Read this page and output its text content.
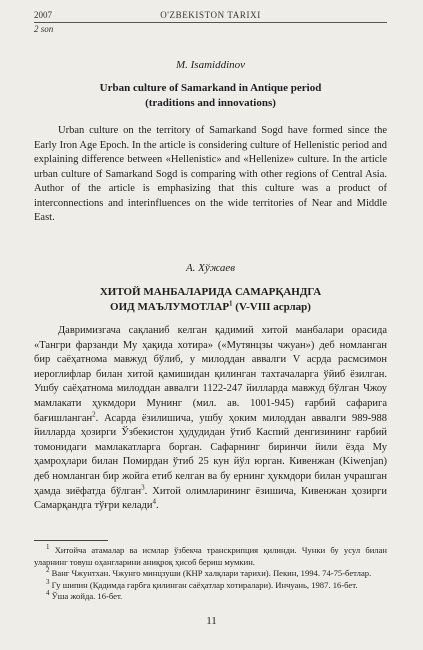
2007	O'ZBEKISTON TARIXI
2 son
M. Isamiddinov
Urban culture of Samarkand in Antique period
(traditions and innovations)

Urban culture on the territory of Samarkand Sogd have formed since the Early Iron Age Epoch. In the article is considering culture of Hellenistic period and explaining difference between «Hellenistic» and «Hellenize» culture. In the article urban culture of Samarkand Sogd is comparing with other regions of Central Asia. Author of the article is emphasizing that this culture was a product of interconnections and interinfluences on the wide territories of Near and Middle East.

А. Хўжаев
ХИТОЙ МАНБАЛАРИДА САМАРҚАНДГА
ОИД МАЪЛУМОТЛАР$^1$ (V-VIII асрлар)

Давримизгача сақланиб келган қадимий хитой манбалари орасида «Тангри фарзанди Му ҳақида хотира» («Мутянцзы чжуан») деб номланган бир саёҳатнома мавжуд бўлиб, у милоддан аввалги V асрда расмсимон иероглифлар билан хитой қамишидан қилинган тахтачаларга ўйиб ёзилган. Ушбу саёҳатнома милоддан аввалги 1122-247 йилларда мавжуд бўлган Чжоу мамлакати ҳукмдори Мунинг (мил. ав. 1001-945) ғарбий сафарига бағишланган$^2$. Асарда ёзилишича, ушбу ҳоким милоддан аввалги 989-988 йилларда ҳозирги Ўзбекистон ҳудудидан ўтиб Каспий денгизининг ғарбий томонидаги мамлакатларга борган. Сафарнинг биринчи йили ёзда Му ҳамроҳлари билан Помирдан ўтиб 25 кун йўл юрган. Кивенжан (Kiwenjan) деб номланган бир жойга етиб келган ва бу ернинг ҳукмдори билан учрашган ҳамда зиёфатда бўлган$^3$. Хитой олимларининг ёзишича, Кивенжан ҳозирги Самарқандга тўғри келади$^4$.

$^1$ Хитойча атамалар ва исмлар ўзбекча транскрипция қилинди. Чунки бу усул билан уларнинг товуш оҳангларини аниқроқ ҳисоб бериш мумкин.
$^2$ Ванг Чжунтхан. Чжунго минцзуши (КНР халқлари тарихи). Пекин, 1994. 74-75-бетлар.
$^3$ Гу шипин (Қадимда гарбга қилинган саёҳатлар хотиралари). Инчуань, 1987. 16-бет.
$^4$ Ўша жойда. 16-бет.
11
